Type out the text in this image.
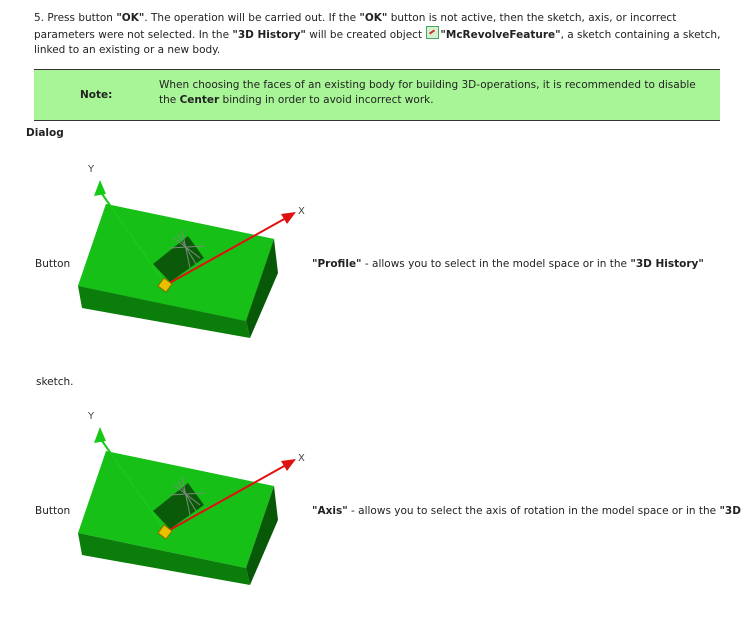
5. Press button "OK". The operation will be carried out. If the "OK" button is not active, then the sketch, axis, or incorrect parameters were not selected. In the "3D History" will be created object "McRevolveFeature", a sketch containing a sketch, linked to an existing or a new body.
Note:
When choosing the faces of an existing body for building 3D-operations, it is recommended to disable the Center binding in order to avoid incorrect work.
Dialog
Button
Y
X
"Profile" - allows you to select in the model space or in the "3D History"
sketch.
Button
Y
X
"Axis" - allows you to select the axis of rotation in the model space or in the "3D
